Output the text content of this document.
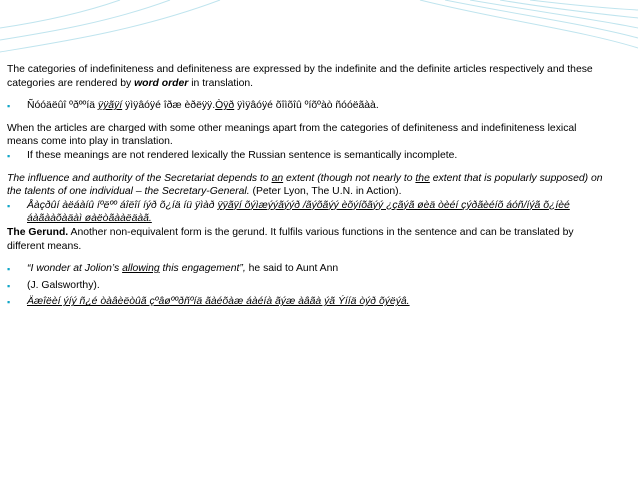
The categories of indefiniteness and definiteness are expressed by the indefinite and the definite articles respectively and these categories are rendered by word order in translation.

▪ Ñóóäëûî ºðººíä ÿÿãÿí ÿìÿâóÿé îðæ èðëÿÿ.Òÿð ÿìÿâóÿé õîìõîû ºíõºàò ñóóëãàà.

When the articles are charged with some other meanings apart from the categories of definiteness and indefiniteness lexical means come into play in translation.

▪ If these meanings are not rendered lexically the Russian sentence is semantically incomplete.

The influence and authority of the Secretariat depends to an extent (though not nearly to the extent that is popularly supposed) on the talents of one individual – the Secretary-General. (Peter Lyon, The U.N. in Action).

▪ Åàçðûí àëáàíû íºëºº áîëîí íýð õ¿íä íü ÿìàð ÿÿãÿí õýìæýýãýýð /ãýõãýý èõýíõãýý ¿çãýã øèä òèéí çýðãèéíõ áóñ/íýã õ¿íèé áàãààõàäàì øàëòãààëäàã.
The Gerund. Another non-equivalent form is the gerund. It fulfils various functions in the sentence and can be translated by different means.
▪ “I wonder at Jolion’s allowing this engagement”, he said to Aunt Ann
▪ (J. Galsworthy).
▪ Äæîëèí ýíý ñ¿é òàâèëòûã çºâøººðñºíä ãàéõàæ áàéíà ãýæ àâãà ýã Ýííä òýð õýëýâ.
